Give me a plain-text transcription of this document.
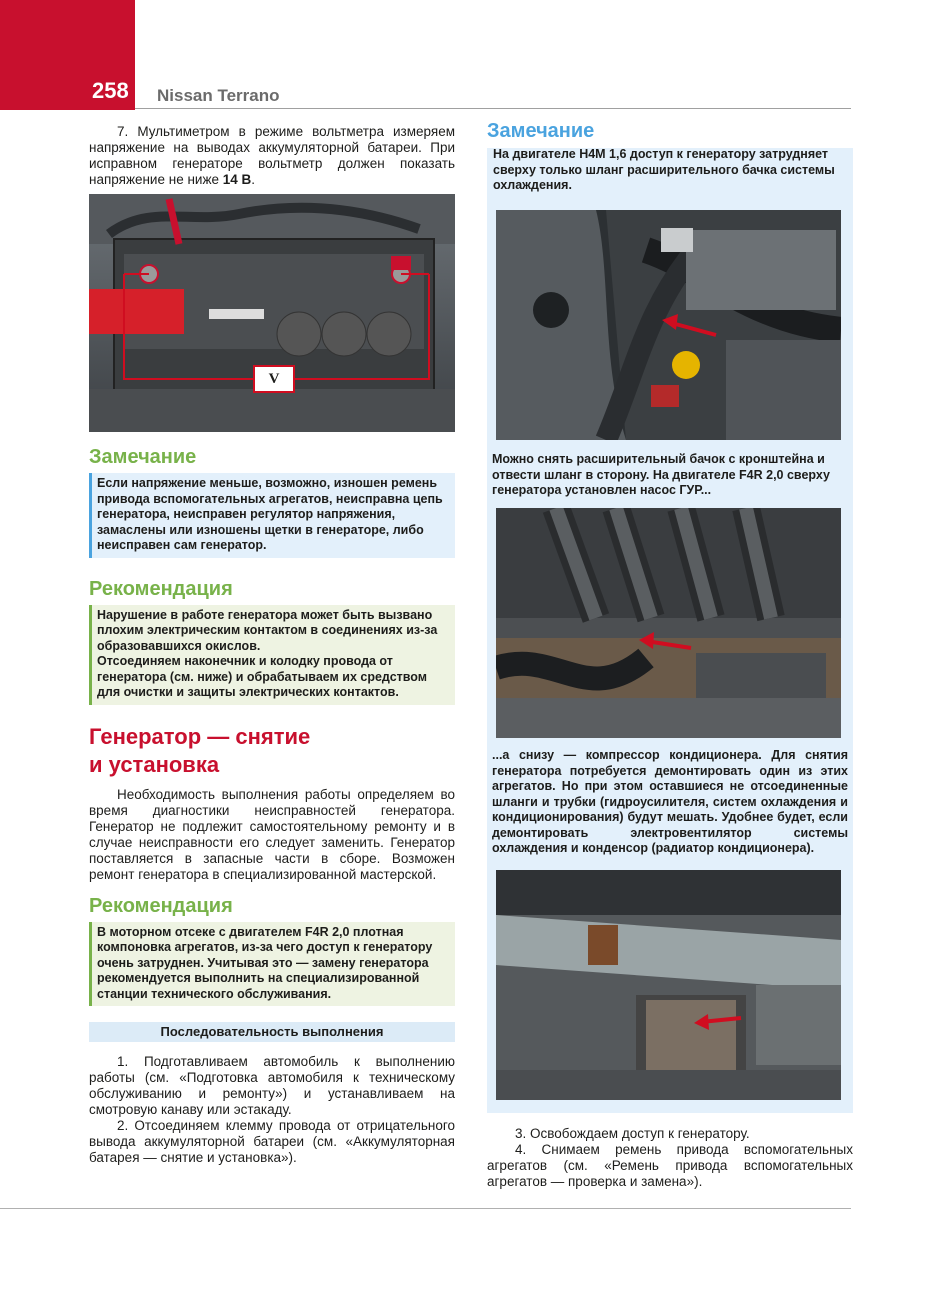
258 Nissan Terrano

7. Мультиметром в режиме вольтметра измеряем напряжение на выводах аккумуляторной батареи. При исправном генераторе вольтметр должен показать напряжение не ниже 14 В.

V
Замечание
Если напряжение меньше, возможно, изношен ремень привода вспомогательных агрегатов, неисправна цепь генератора, неисправен регулятор напряжения, замаслены или изношены щетки в генераторе, либо неисправен сам генератор.
Рекомендация
Нарушение в работе генератора может быть вызвано плохим электрическим контактом в соединениях из-за образовавшихся окислов.
Отсоединяем наконечник и колодку провода от генератора (см. ниже) и обрабатываем их средством для очистки и защиты электрических контактов.
Генератор — снятие
и установка

Необходимость выполнения работы определяем во время диагностики неисправностей генератора. Генератор не подлежит самостоятельному ремонту и в случае неисправности его следует заменить. Генератор поставляется в запасные части в сборе. Возможен ремонт генератора в специализированной мастерской.

Рекомендация
В моторном отсеке с двигателем F4R 2,0 плотная компоновка агрегатов, из-за чего доступ к генератору очень затруднен. Учитывая это — замену генератора рекомендуется выполнить на специализированной станции технического обслуживания.
Последовательность выполнения

1. Подготавливаем автомобиль к выполнению работы (см. «Подготовка автомобиля к техническому обслуживанию и ремонту») и устанавливаем на смотровую канаву или эстакаду.

2. Отсоединяем клемму провода от отрицательного вывода аккумуляторной батареи (см. «Аккумуляторная батарея — снятие и установка»).

Замечание
На двигателе H4M 1,6 доступ к генератору затрудняет сверху только шланг расширительного бачка системы охлаждения.
Можно снять расширительный бачок с кронштейна и отвести шланг в сторону. На двигателе F4R 2,0 сверху генератора установлен насос ГУР...
...а снизу — компрессор кондиционера. Для снятия генератора потребуется демонтировать один из этих агрегатов. Но при этом оставшиеся не отсоединенные шланги и трубки (гидроусилителя, систем охлаждения и кондиционирования) будут мешать. Удобнее будет, если демонтировать электровентилятор системы охлаждения и конденсор (радиатор кондиционера).

3. Освобождаем доступ к генератору.

4. Снимаем ремень привода вспомогательных агрегатов (см. «Ремень привода вспомогательных агрегатов — проверка и замена»).
